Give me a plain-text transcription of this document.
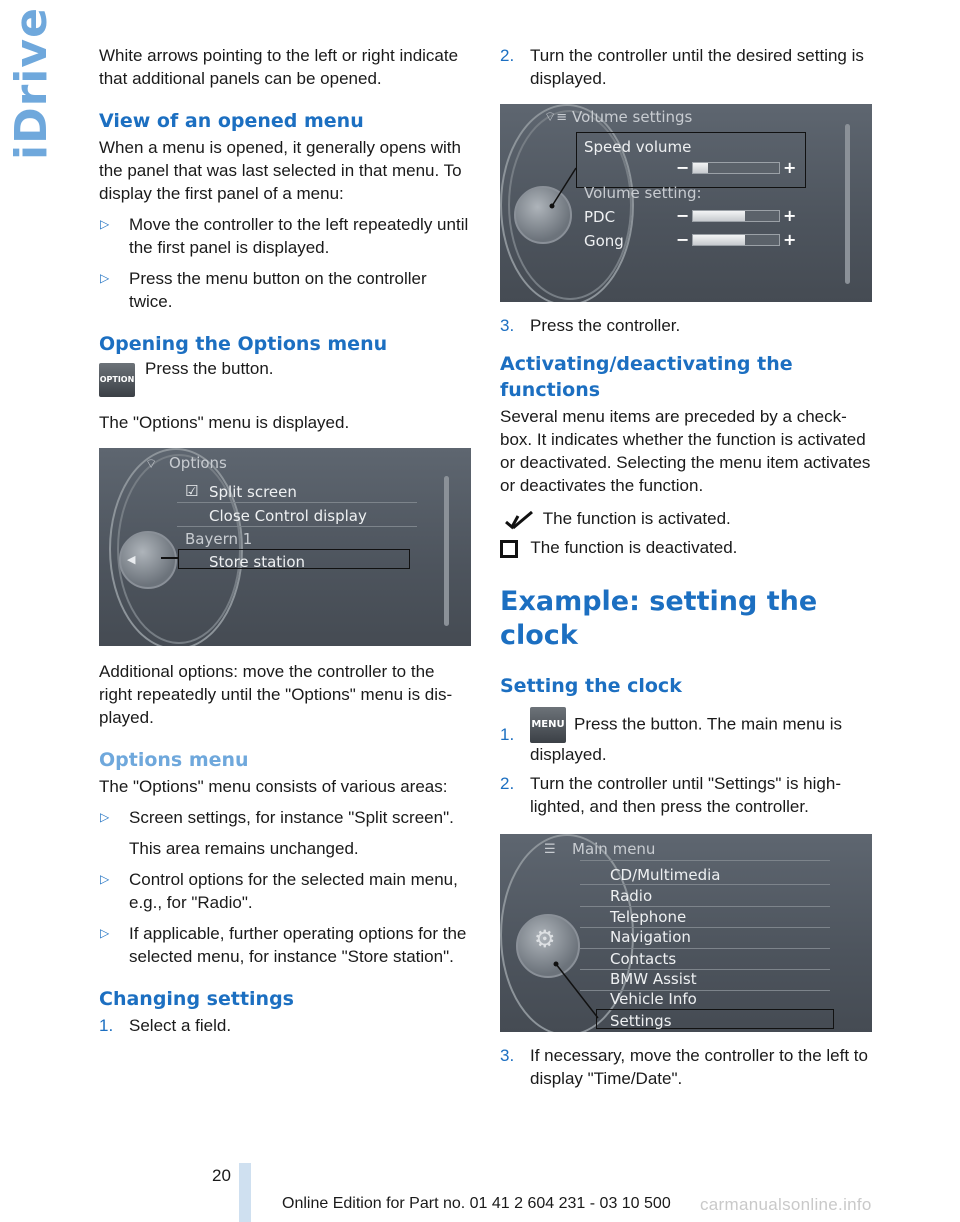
iDrive White arrows pointing to the left or right indicate that additional panels can be opened.

View of an opened menu

When a menu is opened, it generally opens with the panel that was last selected in that menu. To display the first panel of a menu:

▷ Move the controller to the left repeatedly until the first panel is displayed.
▷ Press the menu button on the controller twice.
Opening the Options menu
OPTION
Press the button.

The "Options" menu is displayed.

◀
⌔ Options
☑ Split screen
Close Control display
Bayern 1
Store station

Additional options: move the controller to the right repeatedly until the "Options" menu is displayed.

Options menu

The "Options" menu consists of various areas:

▷ Screen settings, for instance "Split screen".
This area remains unchanged.
▷ Control options for the selected main menu, e.g., for "Radio".
▷ If applicable, further operating options for the selected menu, for instance "Store station".
Changing settings
1. Select a field.
2. Turn the controller until the desired setting is displayed.
⌔≡ Volume settings
Speed volume
−	+
Volume setting:
PDC	−	+
Gong	−	+
3. Press the controller.
Activating/deactivating the functions

Several menu items are preceded by a checkbox. It indicates whether the function is activated or deactivated. Selecting the menu item activates or deactivates the function.

The function is activated.
The function is deactivated.
Example: setting the clock
Setting the clock
1.
MENU Press the button. The main menu is displayed.
2. Turn the controller until "Settings" is highlighted, and then press the controller.
⚙
☰ Main menu
CD/Multimedia
Radio
Telephone
Navigation
Contacts
BMW Assist
Vehicle Info
Settings
3. If necessary, move the controller to the left to display "Time/Date".
20
Online Edition for Part no. 01 41 2 604 231 - 03 10 500 carmanualsonline.info
